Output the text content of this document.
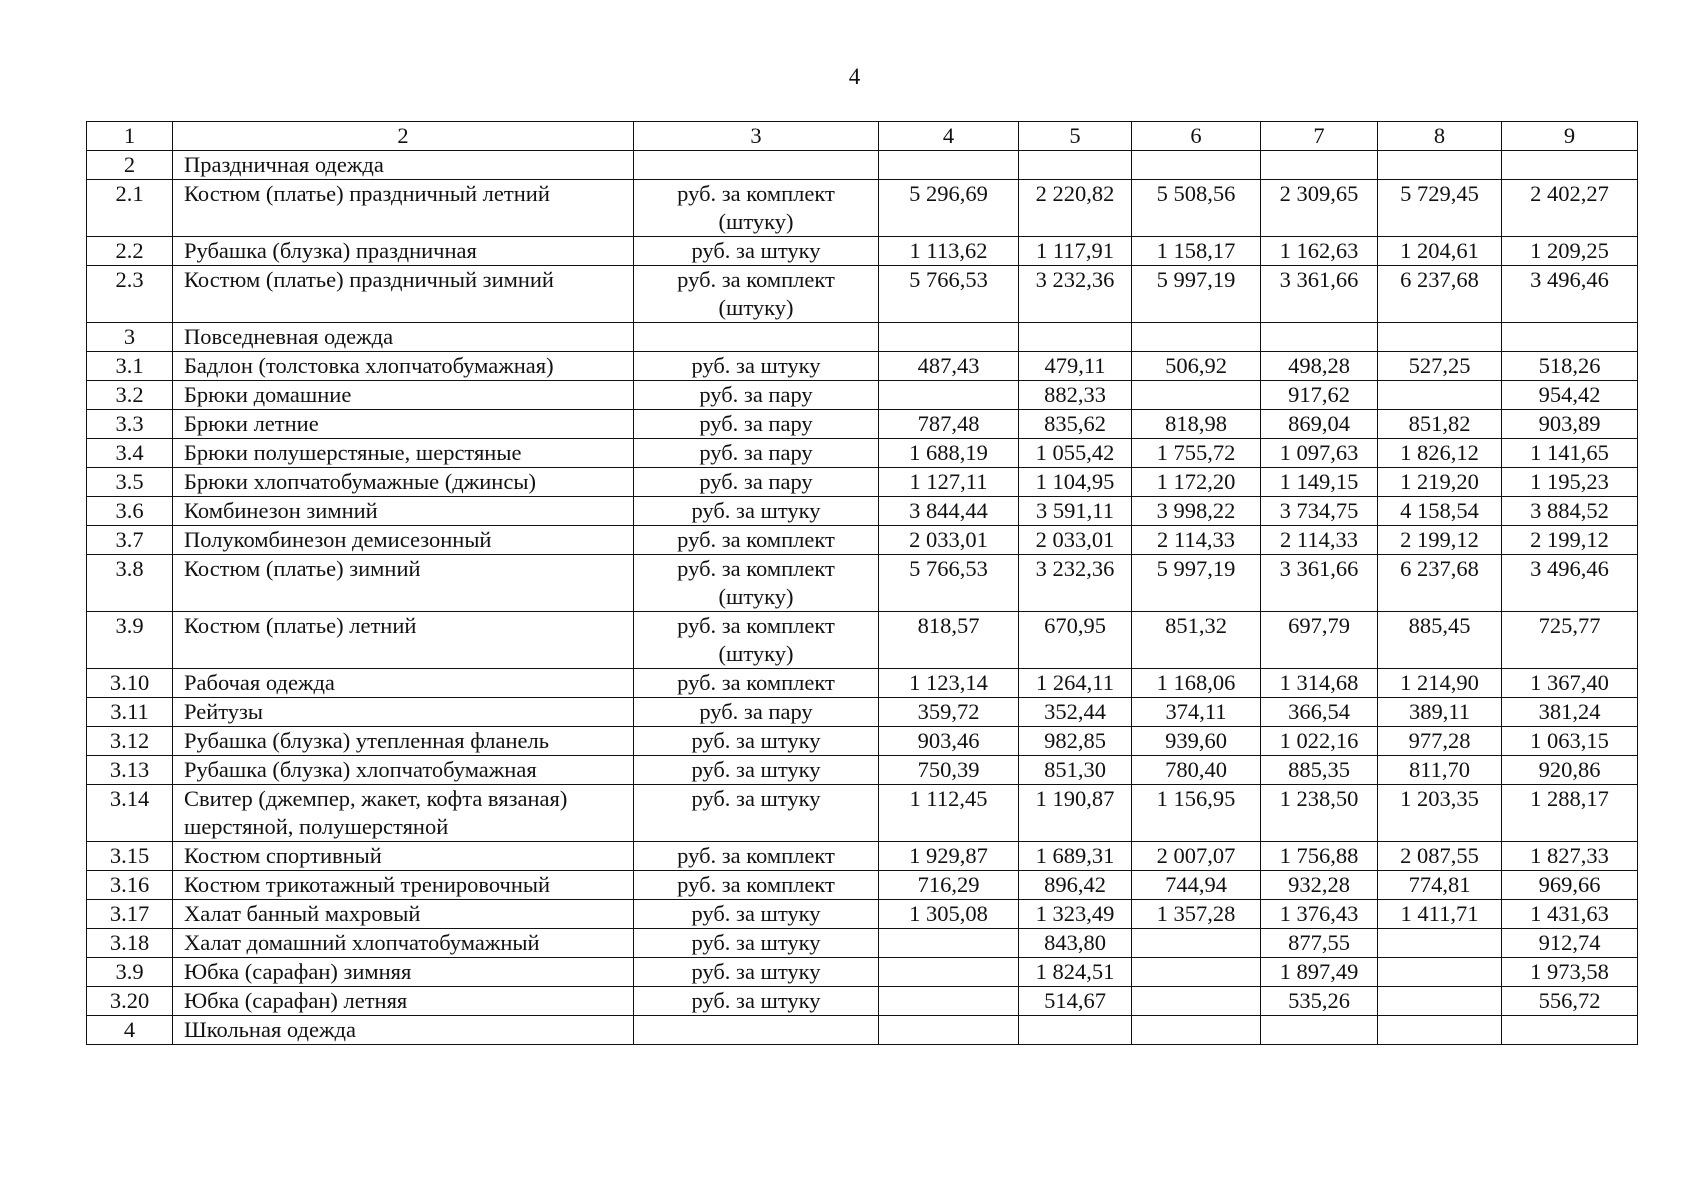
4
1	2	3	4	5	6	7	8	9
2	Праздничная одежда							
2.1	Костюм (платье) праздничный летний	руб. за комплект (штуку)	5 296,69	2 220,82	5 508,56	2 309,65	5 729,45	2 402,27
2.2	Рубашка (блузка) праздничная	руб. за штуку	1 113,62	1 117,91	1 158,17	1 162,63	1 204,61	1 209,25
2.3	Костюм (платье) праздничный зимний	руб. за комплект (штуку)	5 766,53	3 232,36	5 997,19	3 361,66	6 237,68	3 496,46
3	Повседневная одежда							
3.1	Бадлон (толстовка хлопчатобумажная)	руб. за штуку	487,43	479,11	506,92	498,28	527,25	518,26
3.2	Брюки домашние	руб. за пару		882,33		917,62		954,42
3.3	Брюки летние	руб. за пару	787,48	835,62	818,98	869,04	851,82	903,89
3.4	Брюки полушерстяные, шерстяные	руб. за пару	1 688,19	1 055,42	1 755,72	1 097,63	1 826,12	1 141,65
3.5	Брюки хлопчатобумажные (джинсы)	руб. за пару	1 127,11	1 104,95	1 172,20	1 149,15	1 219,20	1 195,23
3.6	Комбинезон зимний	руб. за штуку	3 844,44	3 591,11	3 998,22	3 734,75	4 158,54	3 884,52
3.7	Полукомбинезон демисезонный	руб. за комплект	2 033,01	2 033,01	2 114,33	2 114,33	2 199,12	2 199,12
3.8	Костюм (платье) зимний	руб. за комплект (штуку)	5 766,53	3 232,36	5 997,19	3 361,66	6 237,68	3 496,46
3.9	Костюм (платье) летний	руб. за комплект (штуку)	818,57	670,95	851,32	697,79	885,45	725,77
3.10	Рабочая одежда	руб. за комплект	1 123,14	1 264,11	1 168,06	1 314,68	1 214,90	1 367,40
3.11	Рейтузы	руб. за пару	359,72	352,44	374,11	366,54	389,11	381,24
3.12	Рубашка (блузка) утепленная фланель	руб. за штуку	903,46	982,85	939,60	1 022,16	977,28	1 063,15
3.13	Рубашка (блузка) хлопчатобумажная	руб. за штуку	750,39	851,30	780,40	885,35	811,70	920,86
3.14	Свитер (джемпер, жакет, кофта вязаная) шерстяной, полушерстяной	руб. за штуку	1 112,45	1 190,87	1 156,95	1 238,50	1 203,35	1 288,17
3.15	Костюм спортивный	руб. за комплект	1 929,87	1 689,31	2 007,07	1 756,88	2 087,55	1 827,33
3.16	Костюм трикотажный тренировочный	руб. за комплект	716,29	896,42	744,94	932,28	774,81	969,66
3.17	Халат банный махровый	руб. за штуку	1 305,08	1 323,49	1 357,28	1 376,43	1 411,71	1 431,63
3.18	Халат домашний хлопчатобумажный	руб. за штуку		843,80		877,55		912,74
3.9	Юбка (сарафан) зимняя	руб. за штуку		1 824,51		1 897,49		1 973,58
3.20	Юбка (сарафан) летняя	руб. за штуку		514,67		535,26		556,72
4	Школьная одежда							
